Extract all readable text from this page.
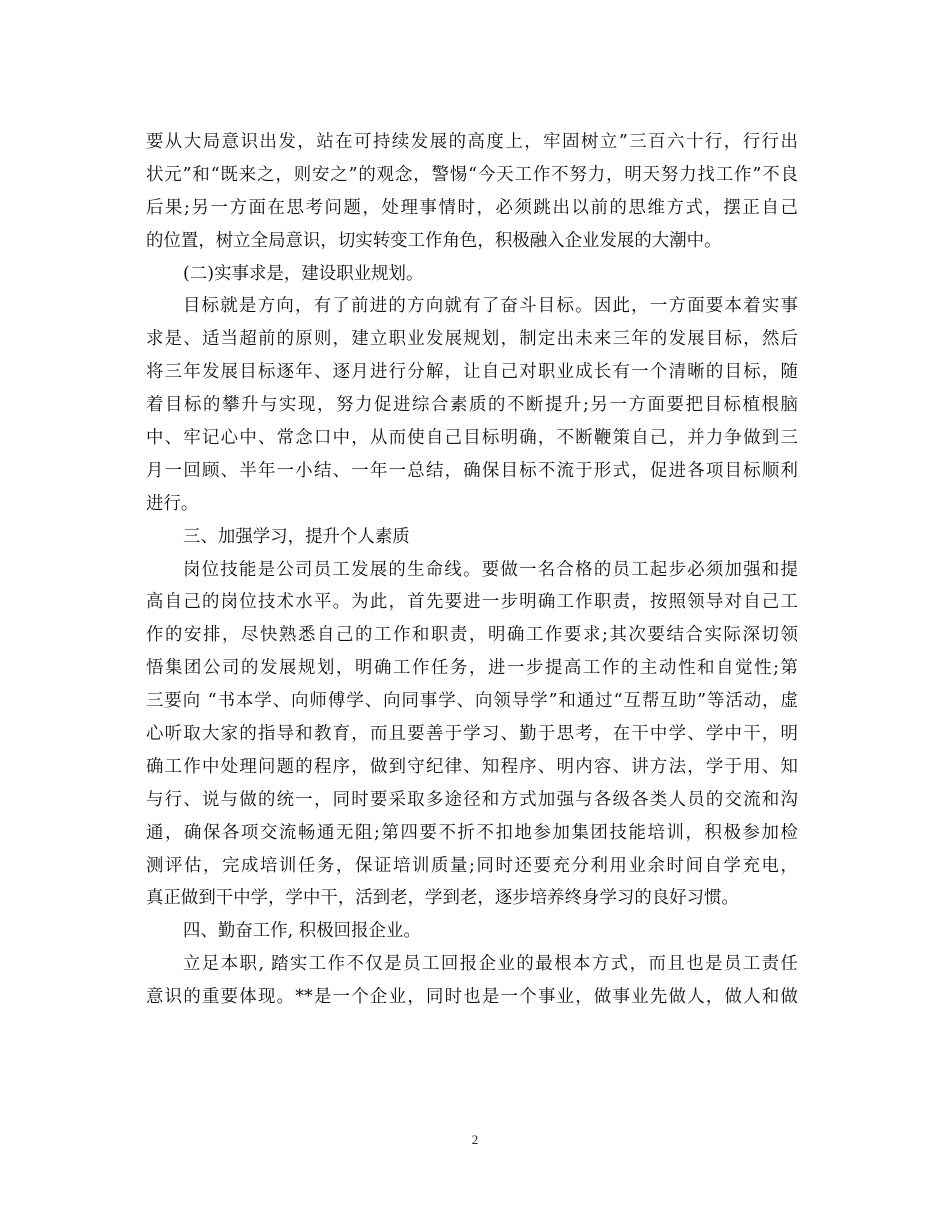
要从大局意识出发，站在可持续发展的高度上，牢固树立”三百六十行，行行出
状元”和“既来之，则安之”的观念，警惕“今天工作不努力，明天努力找工作”不良
后果;另一方面在思考问题，处理事情时，必须跳出以前的思维方式，摆正自己
的位置，树立全局意识，切实转变工作角色，积极融入企业发展的大潮中。
(二)实事求是，建设职业规划。
目标就是方向，有了前进的方向就有了奋斗目标。因此，一方面要本着实事
求是、适当超前的原则，建立职业发展规划，制定出未来三年的发展目标，然后
将三年发展目标逐年、逐月进行分解，让自己对职业成长有一个清晰的目标，随
着目标的攀升与实现，努力促进综合素质的不断提升;另一方面要把目标植根脑
中、牢记心中、常念口中，从而使自己目标明确，不断鞭策自己，并力争做到三
月一回顾、半年一小结、一年一总结，确保目标不流于形式，促进各项目标顺利
进行。
三、加强学习，提升个人素质
岗位技能是公司员工发展的生命线。要做一名合格的员工起步必须加强和提
高自己的岗位技术水平。为此，首先要进一步明确工作职责，按照领导对自己工
作的安排，尽快熟悉自己的工作和职责，明确工作要求;其次要结合实际深切领
悟集团公司的发展规划，明确工作任务，进一步提高工作的主动性和自觉性;第
三要向 “书本学、向师傅学、向同事学、向领导学”和通过“互帮互助”等活动，虚
心听取大家的指导和教育，而且要善于学习、勤于思考，在干中学、学中干，明
确工作中处理问题的程序，做到守纪律、知程序、明内容、讲方法，学于用、知
与行、说与做的统一，同时要采取多途径和方式加强与各级各类人员的交流和沟
通，确保各项交流畅通无阻;第四要不折不扣地参加集团技能培训，积极参加检
测评估，完成培训任务，保证培训质量;同时还要充分利用业余时间自学充电，
真正做到干中学，学中干，活到老，学到老，逐步培养终身学习的良好习惯。
四、勤奋工作, 积极回报企业。
立足本职, 踏实工作不仅是员工回报企业的最根本方式，而且也是员工责任
意识的重要体现。**是一个企业，同时也是一个事业，做事业先做人，做人和做
2
